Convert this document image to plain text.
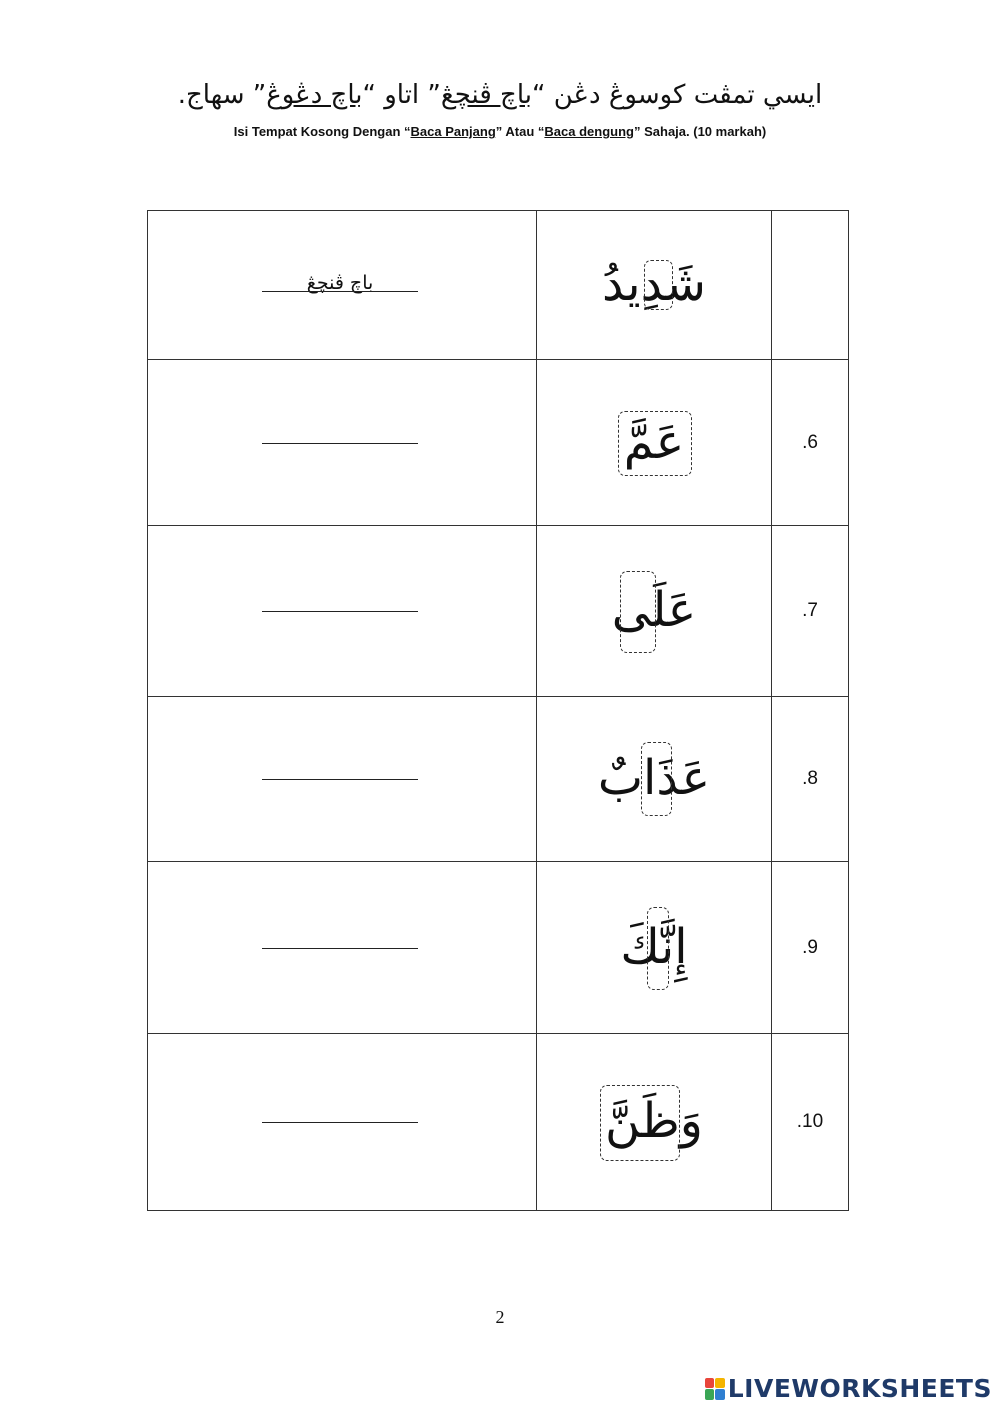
ايسي تمڤت كوسوڠ دڠن “باچ ڤنچڠ” اتاو “باچ دڠوڠ” سهاج.
Isi Tempat Kosong Dengan “Baca Panjang” Atau “Baca dengung” Sahaja. (10 markah)
باچ ڤنچڠ	شَدِيدُ

	عَمَّ	.6

	عَلَى	.7

	عَذَابٌ	.8

	إِنَّكَ	.9

	وَظَنَّ	.10
2
LIVEWORKSHEETS
